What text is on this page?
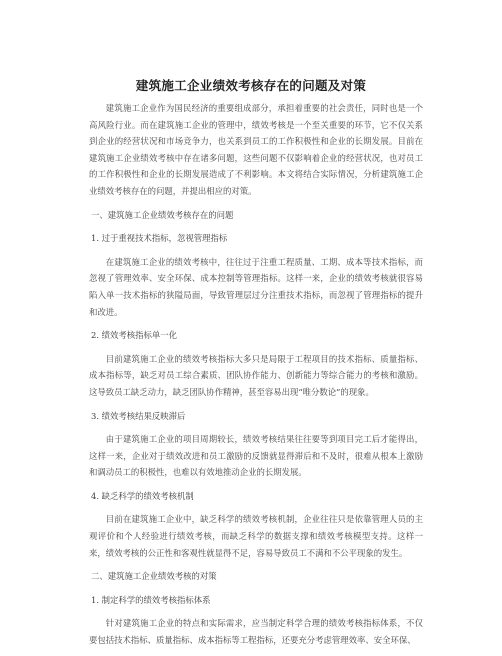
建筑施工企业绩效考核存在的问题及对策

建筑施工企业作为国民经济的重要组成部分，承担着重要的社会责任，同时也是一个高风险行业。而在建筑施工企业的管理中，绩效考核是一个至关重要的环节，它不仅关系到企业的经营状况和市场竞争力，也关系到员工的工作积极性和企业的长期发展。目前在建筑施工企业绩效考核中存在诸多问题，这些问题不仅影响着企业的经营状况，也对员工的工作积极性和企业的长期发展造成了不利影响。本文将结合实际情况，分析建筑施工企业绩效考核存在的问题，并提出相应的对策。

一、建筑施工企业绩效考核存在的问题

1. 过于重视技术指标，忽视管理指标

在建筑施工企业的绩效考核中，往往过于注重工程质量、工期、成本等技术指标，而忽视了管理效率、安全环保、成本控制等管理指标。这样一来，企业的绩效考核就很容易陷入单一技术指标的狭隘局面，导致管理层过分注重技术指标，而忽视了管理指标的提升和改进。

2. 绩效考核指标单一化

目前建筑施工企业的绩效考核指标大多只是局限于工程项目的技术指标、质量指标、成本指标等，缺乏对员工综合素质、团队协作能力、创新能力等综合能力的考核和激励。这导致员工缺乏动力，缺乏团队协作精神，甚至容易出现“唯分数论”的现象。

3. 绩效考核结果反映滞后

由于建筑施工企业的项目周期较长，绩效考核结果往往要等到项目完工后才能得出，这样一来，企业对于绩效改进和员工激励的反馈就显得滞后和不及时，很难从根本上激励和调动员工的积极性，也难以有效地推动企业的长期发展。

4. 缺乏科学的绩效考核机制

目前在建筑施工企业中，缺乏科学的绩效考核机制，企业往往只是依靠管理人员的主观评价和个人经验进行绩效考核，而缺乏科学的数据支撑和绩效考核模型支持。这样一来，绩效考核的公正性和客观性就显得不足，容易导致员工不满和不公平现象的发生。

二、建筑施工企业绩效考核的对策

1. 制定科学的绩效考核指标体系

针对建筑施工企业的特点和实际需求，应当制定科学合理的绩效考核指标体系，不仅要包括技术指标、质量指标、成本指标等工程指标，还要充分考虑管理效率、安全环保、
